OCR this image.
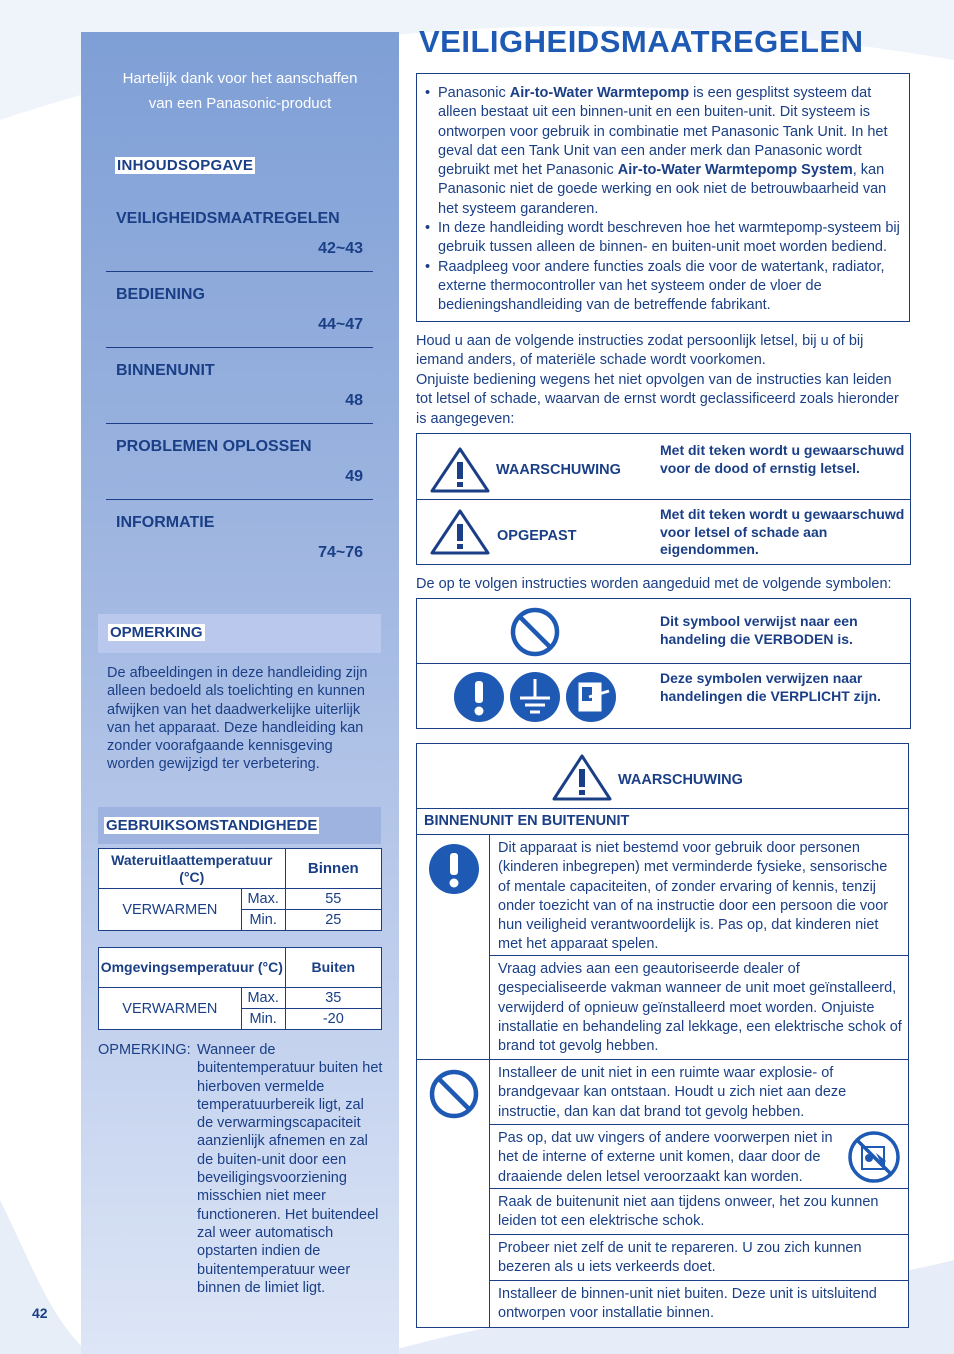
Hartelijk dank voor het aanschaffen
van een Panasonic-product
INHOUDSOPGAVE
VEILIGHEIDSMAATREGELEN
42~43
BEDIENING
44~47
BINNENUNIT
48
PROBLEMEN OPLOSSEN
49
INFORMATIE
74~76
OPMERKING
De afbeeldingen in deze handleiding zijn alleen bedoeld als toelichting en kunnen afwijken van het daadwerkelijke uiterlijk van het apparaat. Deze handleiding kan zonder voorafgaande kennisgeving worden gewijzigd ter verbetering.
GEBRUIKSOMSTANDIGHEDE
Wateruitlaattemperatuur (°C)		Binnen
VERWARMEN	Max.	55
	Min.	25
Omgevingsemperatuur (°C)		Buiten
VERWARMEN	Max.	35
	Min.	-20
OPMERKING: Wanneer de buitentemperatuur buiten het hierboven vermelde temperatuurbereik ligt, zal de verwarmingscapaciteit aanzienlijk afnemen en zal de buiten-unit door een beveiligingsvoorziening misschien niet meer functioneren. Het buitendeel zal weer automatisch opstarten indien de buitentemperatuur weer binnen de limiet ligt.
42
VEILIGHEIDSMAATREGELEN
• Panasonic Air-to-Water Warmtepomp is een gesplitst systeem dat alleen bestaat uit een binnen-unit en een buiten-unit. Dit systeem is ontworpen voor gebruik in combinatie met Panasonic Tank Unit. In het geval dat een Tank Unit van een ander merk dan Panasonic wordt gebruikt met het Panasonic Air-to-Water Warmtepomp System, kan Panasonic niet de goede werking en ook niet de betrouwbaarheid van het systeem garanderen.
• In deze handleiding wordt beschreven hoe het warmtepomp-systeem bij gebruik tussen alleen de binnen- en buiten-unit moet worden bediend.
• Raadpleeg voor andere functies zoals die voor de watertank, radiator, externe thermocontroller van het systeem onder de vloer de bedieningshandleiding van de betreffende fabrikant.
Houd u aan de volgende instructies zodat persoonlijk letsel, bij u of bij iemand anders, of materiële schade wordt voorkomen.
Onjuiste bediening wegens het niet opvolgen van de instructies kan leiden tot letsel of schade, waarvan de ernst wordt geclassificeerd zoals hieronder is aangegeven:
WAARSCHUWING
Met dit teken wordt u gewaarschuwd voor de dood of ernstig letsel.
OPGEPAST
Met dit teken wordt u gewaarschuwd voor letsel of schade aan eigendommen.
De op te volgen instructies worden aangeduid met de volgende symbolen:
Dit symbool verwijst naar een handeling die VERBODEN is.
Deze symbolen verwijzen naar handelingen die VERPLICHT zijn.
WAARSCHUWING
BINNENUNIT EN BUITENUNIT

Dit apparaat is niet bestemd voor gebruik door personen (kinderen inbegrepen) met verminderde fysieke, sensorische of mentale capaciteiten, of zonder ervaring of kennis, tenzij onder toezicht van of na instructie door een persoon die voor hun veiligheid verantwoordelijk is. Pas op, dat kinderen niet met het apparaat spelen.

Vraag advies aan een geautoriseerde dealer of gespecialiseerde vakman wanneer de unit moet geïnstalleerd, verwijderd of opnieuw geïnstalleerd moet worden. Onjuiste installatie en behandeling zal lekkage, een elektrische schok of brand tot gevolg hebben.

Installeer de unit niet in een ruimte waar explosie- of brandgevaar kan ontstaan. Houdt u zich niet aan deze instructie, dan kan dat brand tot gevolg hebben.

Pas op, dat uw vingers of andere voorwerpen niet in het de interne of externe unit komen, daar door de draaiende delen letsel veroorzaakt kan worden.

Raak de buitenunit niet aan tijdens onweer, het zou kunnen leiden tot een elektrische schok.

Probeer niet zelf de unit te repareren. U zou zich kunnen bezeren als u iets verkeerds doet.

Installeer de binnen-unit niet buiten. Deze unit is uitsluitend ontworpen voor installatie binnen.
